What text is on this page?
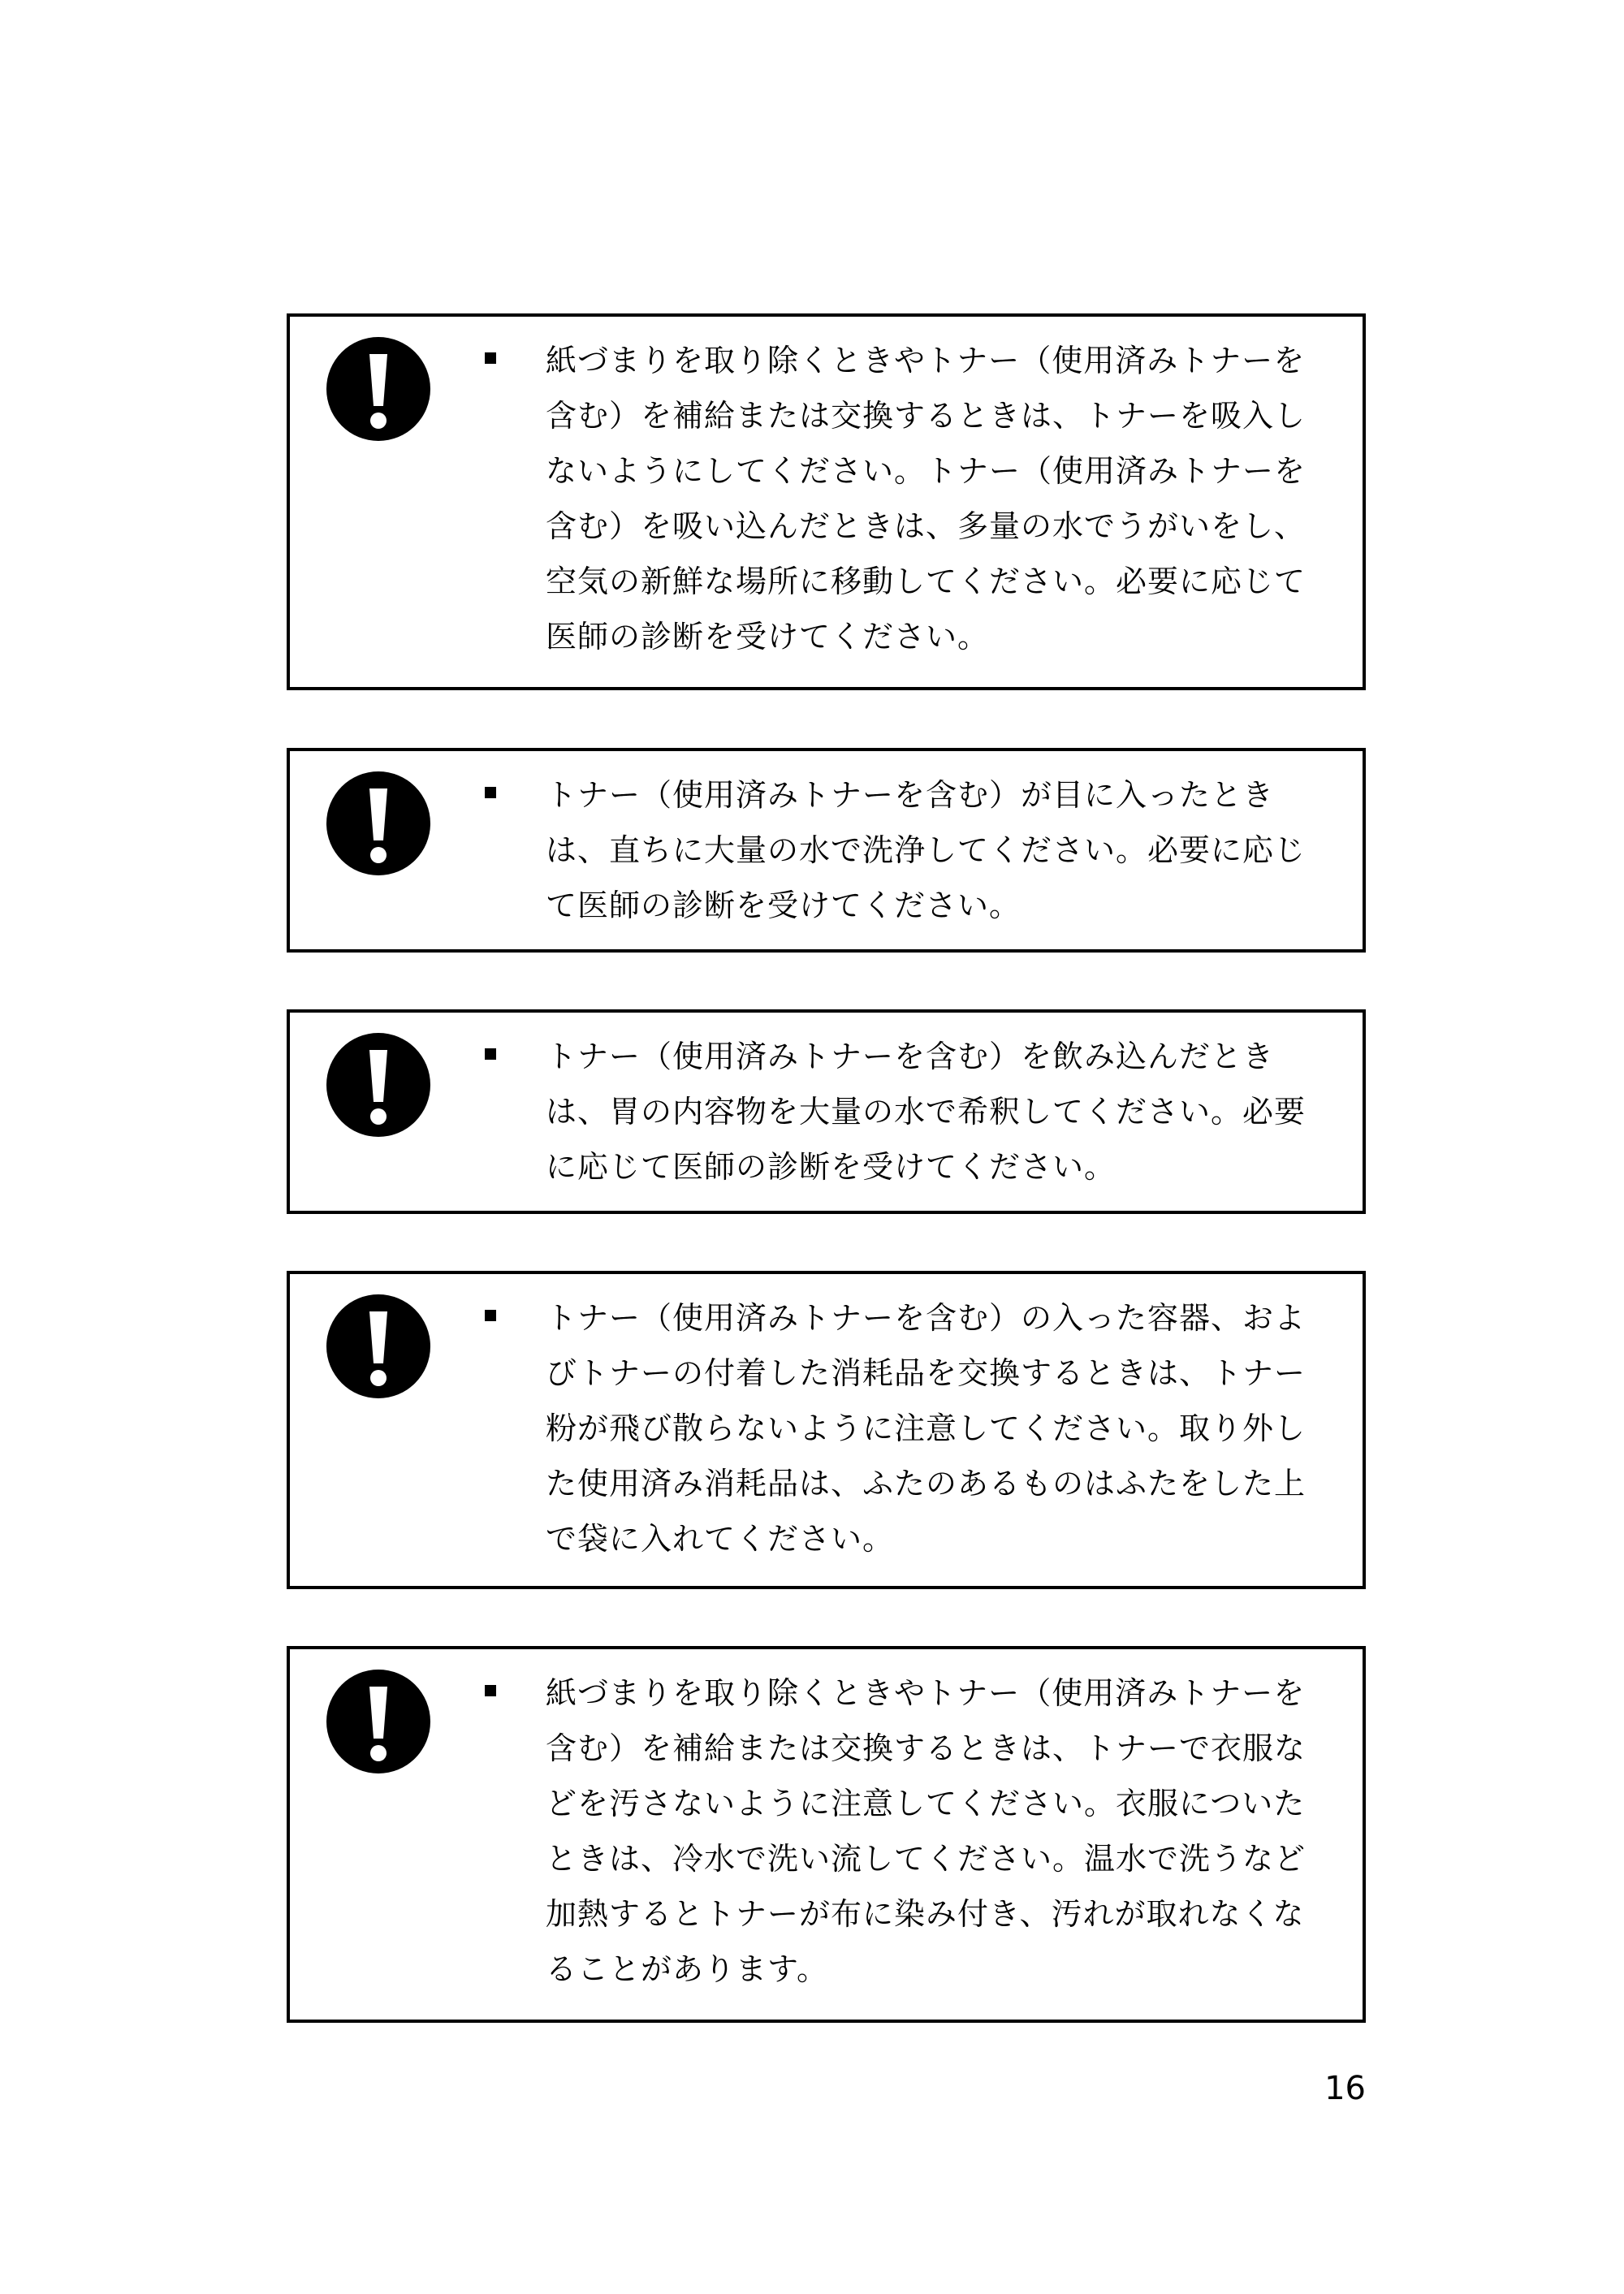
紙づまりを取り除くときやトナー（使用済みトナーを
含む）を補給または交換するときは、トナーを吸入し
ないようにしてください。トナー（使用済みトナーを
含む）を吸い込んだときは、多量の水でうがいをし、
空気の新鮮な場所に移動してください。必要に応じて
医師の診断を受けてください。
トナー（使用済みトナーを含む）が目に入ったとき
は、直ちに大量の水で洗浄してください。必要に応じ
て医師の診断を受けてください。
トナー（使用済みトナーを含む）を飲み込んだとき
は、胃の内容物を大量の水で希釈してください。必要
に応じて医師の診断を受けてください。
トナー（使用済みトナーを含む）の入った容器、およ
びトナーの付着した消耗品を交換するときは、トナー
粉が飛び散らないように注意してください。取り外し
た使用済み消耗品は、ふたのあるものはふたをした上
で袋に入れてください。
紙づまりを取り除くときやトナー（使用済みトナーを
含む）を補給または交換するときは、トナーで衣服な
どを汚さないように注意してください。衣服についた
ときは、冷水で洗い流してください。温水で洗うなど
加熱するとトナーが布に染み付き、汚れが取れなくな
ることがあります。
16
